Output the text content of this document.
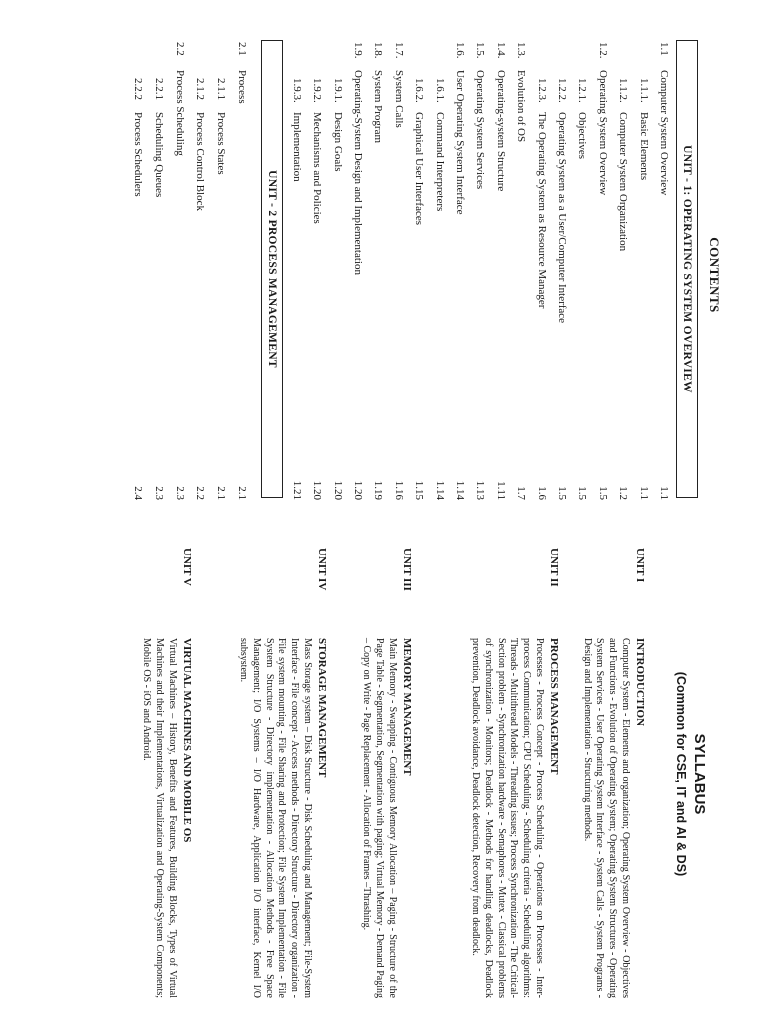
CONTENTS
UNIT - 1: OPERATING SYSTEM OVERVIEW
1.1
Computer System Overview
1.1
1.1.1.
Basic Elements
1.1
1.1.2.
Computer System Organization
1.2
1.2.
Operating System Overview
1.5
1.2.1.
Objectives
1.5
1.2.2.
Operating System as a User/Computer Interface
1.5
1.2.3.
The Operating System as Resource Manager
1.6
1.3.
Evolution of OS
1.7
1.4.
Operating-system Structure
1.11
1.5.
Operating System Services
1.13
1.6.
User Operating System Interface
1.14
1.6.1.
Command Interpreters
1.14
1.6.2.
Graphical User Interfaces
1.15
1.7.
System Calls
1.16
1.8.
System Program
1.19
1.9.
Operating-System Design and Implementation
1.20
1.9.1.
Design Goals
1.20
1.9.2.
Mechanisms and Policies
1.20
1.9.3.
Implementation
1.21
UNIT - 2 PROCESS MANAGEMENT
2.1
Process
2.1
2.1.1
Process States
2.1
2.1.2
Process Control Block
2.2
2.2
Process Scheduling
2.3
2.2.1
Scheduling Queues
2.3
2.2.2
Process Schedulers
2.4
SYLLABUS
(Common for CSE, IT and AI & DS)
UNIT I
INTRODUCTION

Computer System - Elements and organization; Operating System Overview - Objectives and Functions - Evolution of Operating System; Operating System Structures - Operating System Services - User Operating System Interface - System Calls - System Programs - Design and Implementation - Structuring methods.

UNIT II
PROCESS MANAGEMENT

Processes - Process Concept - Process Scheduling - Operations on Processes - Inter-process Communication; CPU Scheduling - Scheduling criteria - Scheduling algorithms: Threads - Multithread Models - Threading issues; Process Synchronization - The Critical-Section problem - Synchronization hardware - Semaphores - Mutex - Classical problems of synchronization - Monitors; Deadlock - Methods for handling deadlocks, Deadlock prevention, Deadlock avoidance, Deadlock detection, Recovery from deadlock.

UNIT III
MEMORY MANAGEMENT

Main Memory - Swapping - Contiguous Memory Allocation – Paging - Structure of the Page Table - Segmentation, Segmentation with paging; Virtual Memory - Demand Paging – Copy on Write - Page Replacement - Allocation of Frames –Thrashing.

UNIT IV
STORAGE MANAGEMENT

Mass Storage system – Disk Structure - Disk Scheduling and Management; File-System Interface - File concept - Access methods - Directory Structure - Directory organization - File system mounting - File Sharing and Protection; File System Implementation - File System Structure - Directory implementation - Allocation Methods - Free Space Management; I/O Systems – I/O Hardware, Application I/O interface, Kernel I/O subsystem.

UNIT V
VIRTUAL MACHINES AND MOBILE OS

Virtual Machines – History, Benefits and Features, Building Blocks, Types of Virtual Machines and their Implementations, Virtualization and Operating-System Components; Mobile OS - iOS and Android.
